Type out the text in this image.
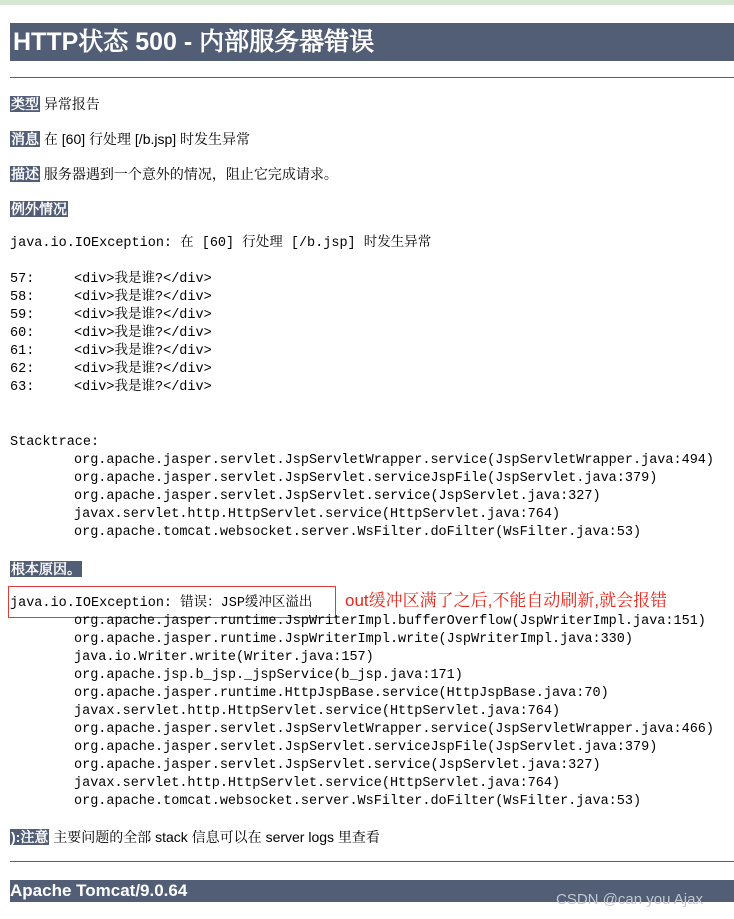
HTTP状态 500 - 内部服务器错误
类型 异常报告
消息 在 [60] 行处理 [/b.jsp] 时发生异常
描述 服务器遇到一个意外的情况，阻止它完成请求。
例外情况
java.io.IOException: 在 [60] 行处理 [/b.jsp] 时发生异常
57:	<div>我是谁?</div>
58:	<div>我是谁?</div>
59:	<div>我是谁?</div>
60:	<div>我是谁?</div>
61:	<div>我是谁?</div>
62:	<div>我是谁?</div>
63:	<div>我是谁?</div>
Stacktrace:
org.apache.jasper.servlet.JspServletWrapper.service(JspServletWrapper.java:494)
org.apache.jasper.servlet.JspServlet.serviceJspFile(JspServlet.java:379)
org.apache.jasper.servlet.JspServlet.service(JspServlet.java:327)
javax.servlet.http.HttpServlet.service(HttpServlet.java:764)
org.apache.tomcat.websocket.server.WsFilter.doFilter(WsFilter.java:53)
根本原因。
java.io.IOException: 错误：JSP缓冲区溢出 out缓冲区满了之后,不能自动刷新,就会报错
org.apache.jasper.runtime.JspWriterImpl.bufferOverflow(JspWriterImpl.java:151)
org.apache.jasper.runtime.JspWriterImpl.write(JspWriterImpl.java:330)
java.io.Writer.write(Writer.java:157)
org.apache.jsp.b_jsp._jspService(b_jsp.java:171)
org.apache.jasper.runtime.HttpJspBase.service(HttpJspBase.java:70)
javax.servlet.http.HttpServlet.service(HttpServlet.java:764)
org.apache.jasper.servlet.JspServletWrapper.service(JspServletWrapper.java:466)
org.apache.jasper.servlet.JspServlet.serviceJspFile(JspServlet.java:379)
org.apache.jasper.servlet.JspServlet.service(JspServlet.java:327)
javax.servlet.http.HttpServlet.service(HttpServlet.java:764)
org.apache.tomcat.websocket.server.WsFilter.doFilter(WsFilter.java:53)
):注意 主要问题的全部 stack 信息可以在 server logs 里查看
Apache Tomcat/9.0.64	CSDN @can you Ajax
